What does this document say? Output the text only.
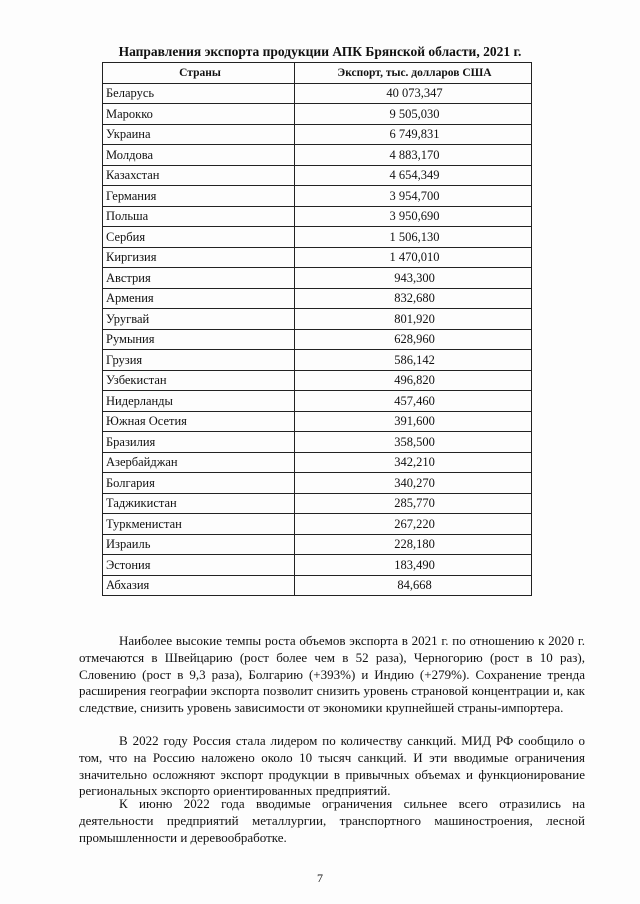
Направления экспорта продукции АПК Брянской области, 2021 г.
Страны	Экспорт, тыс. долларов США
Беларусь	40 073,347
Марокко	9 505,030
Украина	6 749,831
Молдова	4 883,170
Казахстан	4 654,349
Германия	3 954,700
Польша	3 950,690
Сербия	1 506,130
Киргизия	1 470,010
Австрия	943,300
Армения	832,680
Уругвай	801,920
Румыния	628,960
Грузия	586,142
Узбекистан	496,820
Нидерланды	457,460
Южная Осетия	391,600
Бразилия	358,500
Азербайджан	342,210
Болгария	340,270
Таджикистан	285,770
Туркменистан	267,220
Израиль	228,180
Эстония	183,490
Абхазия	84,668

Наиболее высокие темпы роста объемов экспорта в 2021 г. по отношению к 2020 г. отмечаются в Швейцарию (рост более чем в 52 раза), Черногорию (рост в 10 раз), Словению (рост в 9,3 раза), Болгарию (+393%) и Индию (+279%). Сохранение тренда расширения географии экспорта позволит снизить уровень страновой концентрации и, как следствие, снизить уровень зависимости от экономики крупнейшей страны-импортера.

В 2022 году Россия стала лидером по количеству санкций. МИД РФ сообщило о том, что на Россию наложено около 10 тысяч санкций. И эти вводимые ограничения значительно осложняют экспорт продукции в привычных объемах и функционирование региональных экспорто ориентированных предприятий.

К июню 2022 года вводимые ограничения сильнее всего отразились на деятельности предприятий металлургии, транспортного машиностроения, лесной промышленности и деревообработке.

7
